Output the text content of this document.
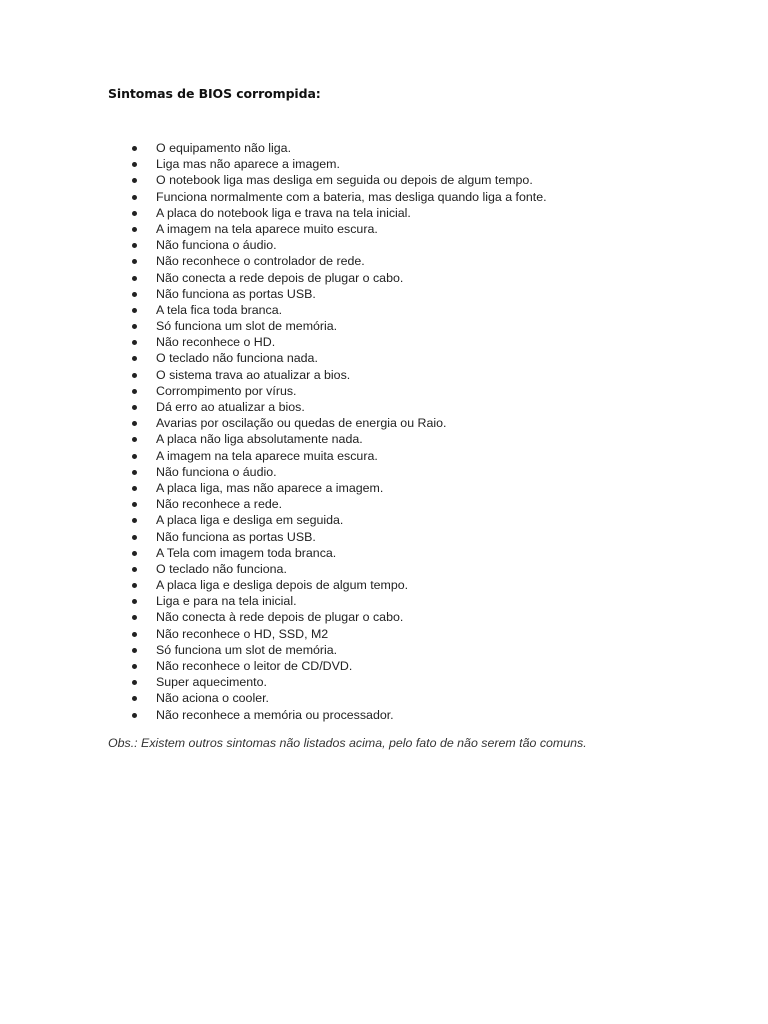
Sintomas de BIOS corrompida:
O equipamento não liga.
Liga mas não aparece a imagem.
O notebook liga mas desliga em seguida ou depois de algum tempo.
Funciona normalmente com a bateria, mas desliga quando liga a fonte.
A placa do notebook liga e trava na tela inicial.
A imagem na tela aparece muito escura.
Não funciona o áudio.
Não reconhece o controlador de rede.
Não conecta a rede depois de plugar o cabo.
Não funciona as portas USB.
A tela fica toda branca.
Só funciona um slot de memória.
Não reconhece o HD.
O teclado não funciona nada.
O sistema trava ao atualizar a bios.
Corrompimento por vírus.
Dá erro ao atualizar a bios.
Avarias por oscilação ou quedas de energia ou Raio.
A placa não liga absolutamente nada.
A imagem na tela aparece muita escura.
Não funciona o áudio.
A placa liga, mas não aparece a imagem.
Não reconhece a rede.
A placa liga e desliga em seguida.
Não funciona as portas USB.
A Tela com imagem toda branca.
O teclado não funciona.
A placa liga e desliga depois de algum tempo.
Liga e para na tela inicial.
Não conecta à rede depois de plugar o cabo.
Não reconhece o HD, SSD, M2
Só funciona um slot de memória.
Não reconhece o leitor de CD/DVD.
Super aquecimento.
Não aciona o cooler.
Não reconhece a memória ou processador.
Obs.: Existem outros sintomas não listados acima, pelo fato de não serem tão comuns.
